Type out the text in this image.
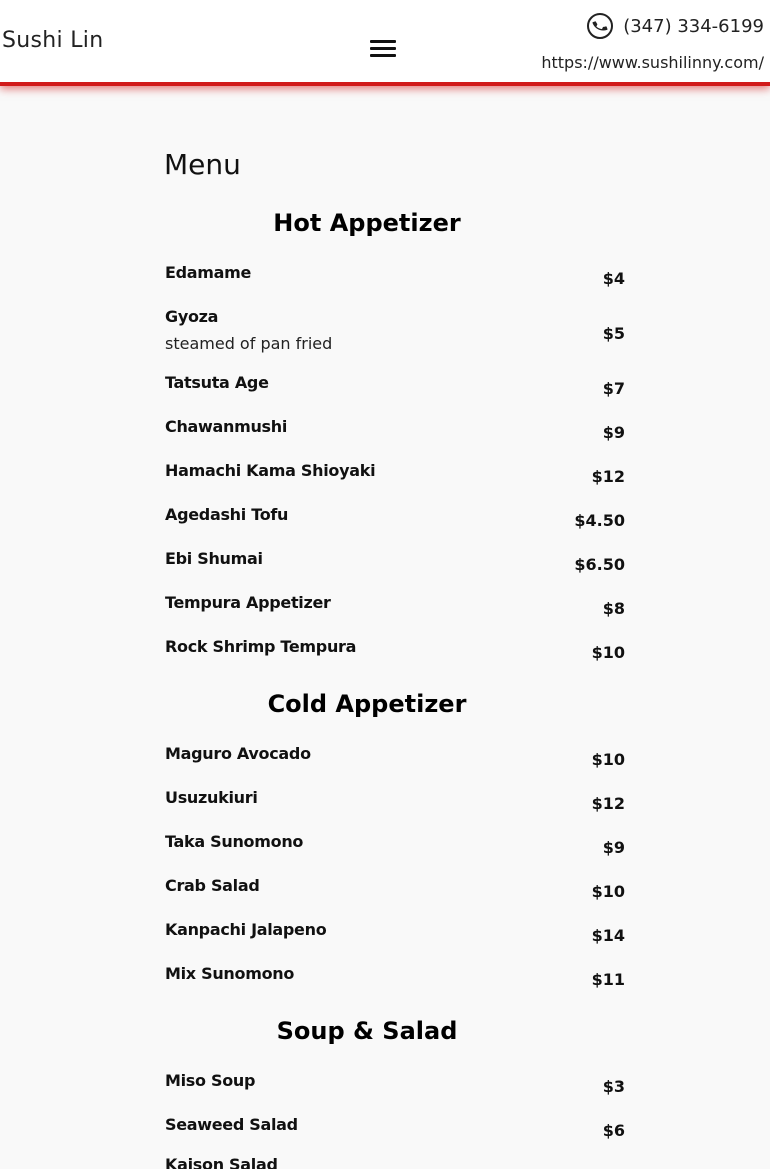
Sushi Lin
(347) 334-6199
https://www.sushilinny.com/
Menu
Hot Appetizer
Edamame	$4
Gyoza
steamed of pan fried
$5
Tatsuta Age	$7
Chawanmushi	$9
Hamachi Kama Shioyaki	$12
Agedashi Tofu	$4.50
Ebi Shumai	$6.50
Tempura Appetizer	$8
Rock Shrimp Tempura	$10
Cold Appetizer
Maguro Avocado	$10
Usuzukiuri	$12
Taka Sunomono	$9
Crab Salad	$10
Kanpachi Jalapeno	$14
Mix Sunomono	$11
Soup & Salad
Miso Soup	$3
Seaweed Salad	$6
Kaison Salad
